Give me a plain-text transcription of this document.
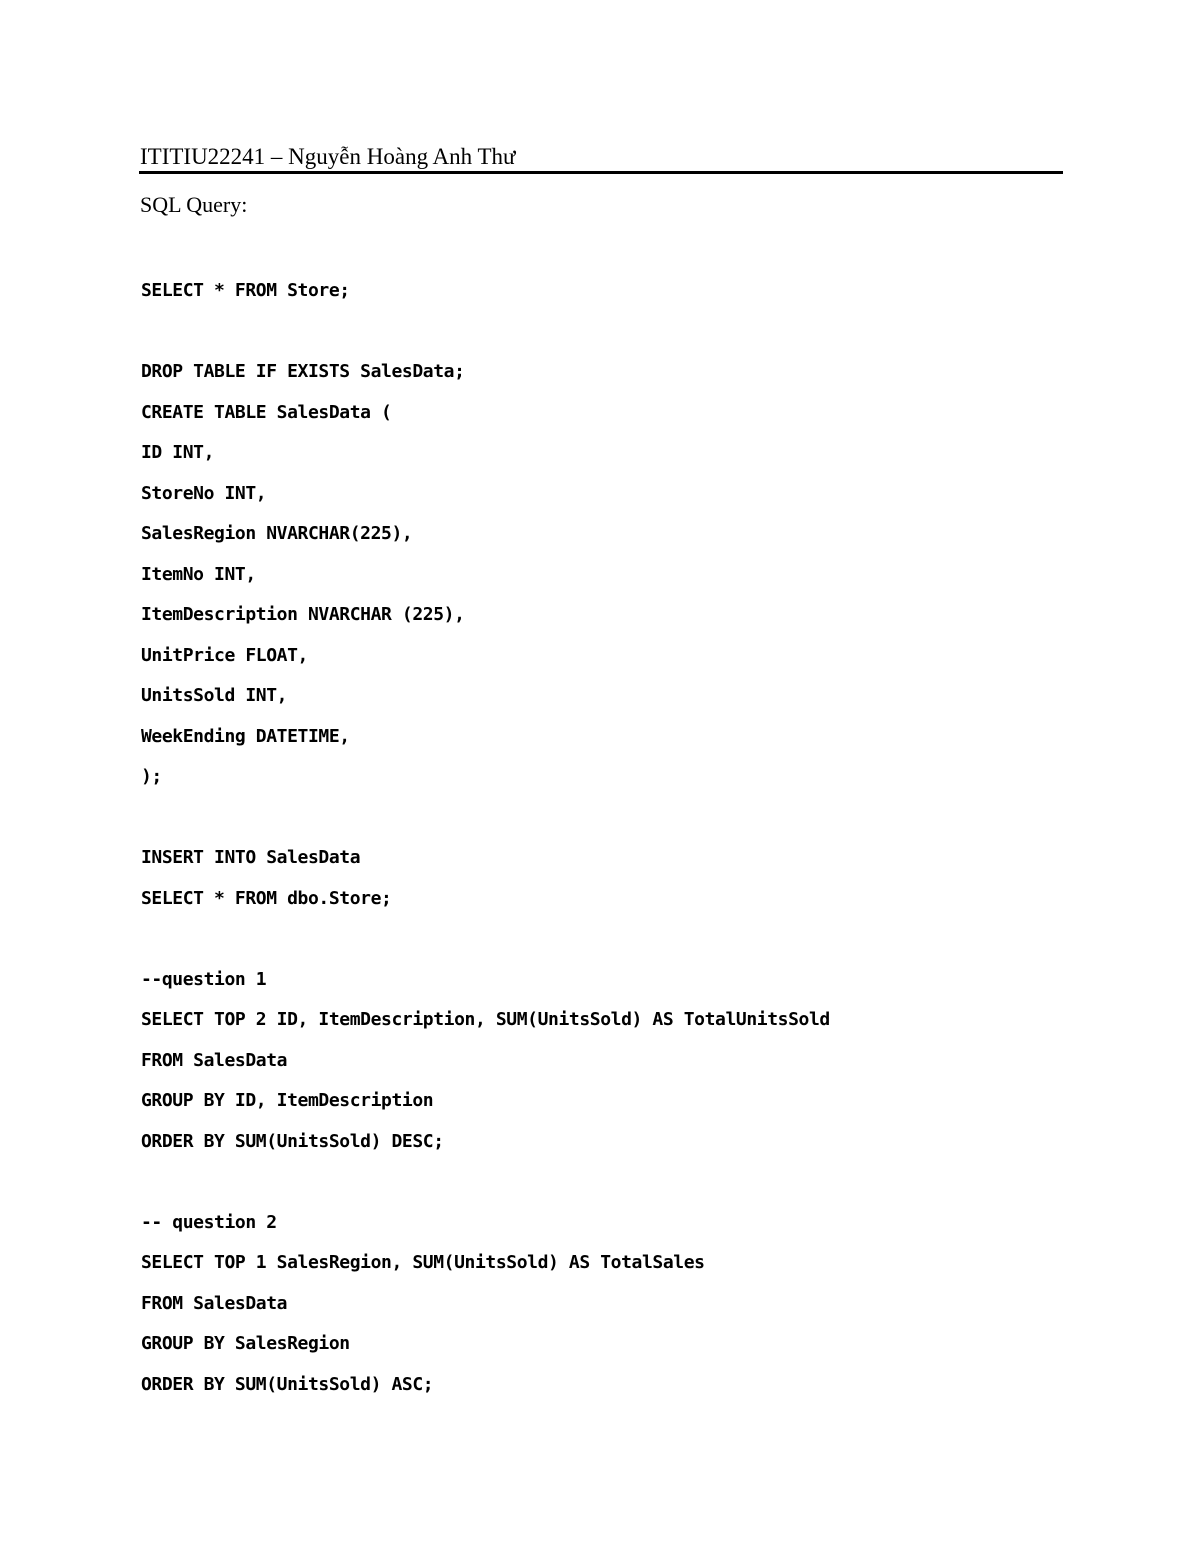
ITITIU22241 – Nguyễn Hoàng Anh Thư
SQL Query:
SELECT * FROM Store;
DROP TABLE IF EXISTS SalesData;
CREATE TABLE SalesData (
ID INT,
StoreNo INT,
SalesRegion NVARCHAR(225),
ItemNo INT,
ItemDescription NVARCHAR (225),
UnitPrice FLOAT,
UnitsSold INT,
WeekEnding DATETIME,
);
INSERT INTO SalesData
SELECT * FROM dbo.Store;
--question 1
SELECT TOP 2 ID, ItemDescription, SUM(UnitsSold) AS TotalUnitsSold
FROM SalesData
GROUP BY ID, ItemDescription
ORDER BY SUM(UnitsSold) DESC;
-- question 2
SELECT TOP 1 SalesRegion, SUM(UnitsSold) AS TotalSales
FROM SalesData
GROUP BY SalesRegion
ORDER BY SUM(UnitsSold) ASC;
